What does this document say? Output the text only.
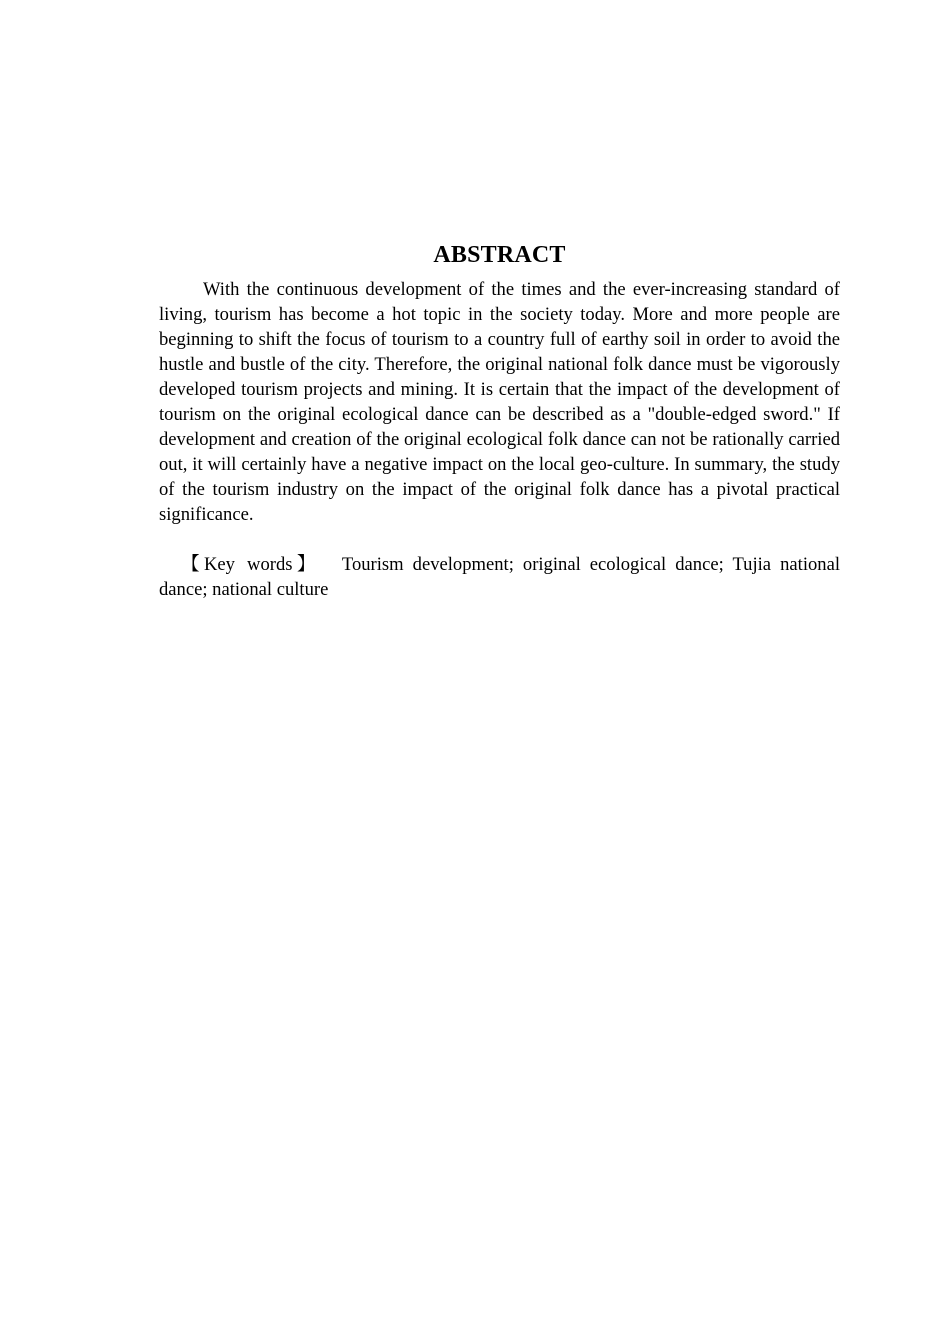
ABSTRACT

With the continuous development of the times and the ever-increasing standard of living, tourism has become a hot topic in the society today. More and more people are beginning to shift the focus of tourism to a country full of earthy soil in order to avoid the hustle and bustle of the city. Therefore, the original national folk dance must be vigorously developed tourism projects and mining. It is certain that the impact of the development of tourism on the original ecological dance can be described as a "double-edged sword." If development and creation of the original ecological folk dance can not be rationally carried out, it will certainly have a negative impact on the local geo-culture. In summary, the study of the tourism industry on the impact of the original folk dance has a pivotal practical significance.

【Key words】 Tourism development; original ecological dance; Tujia national dance; national culture
